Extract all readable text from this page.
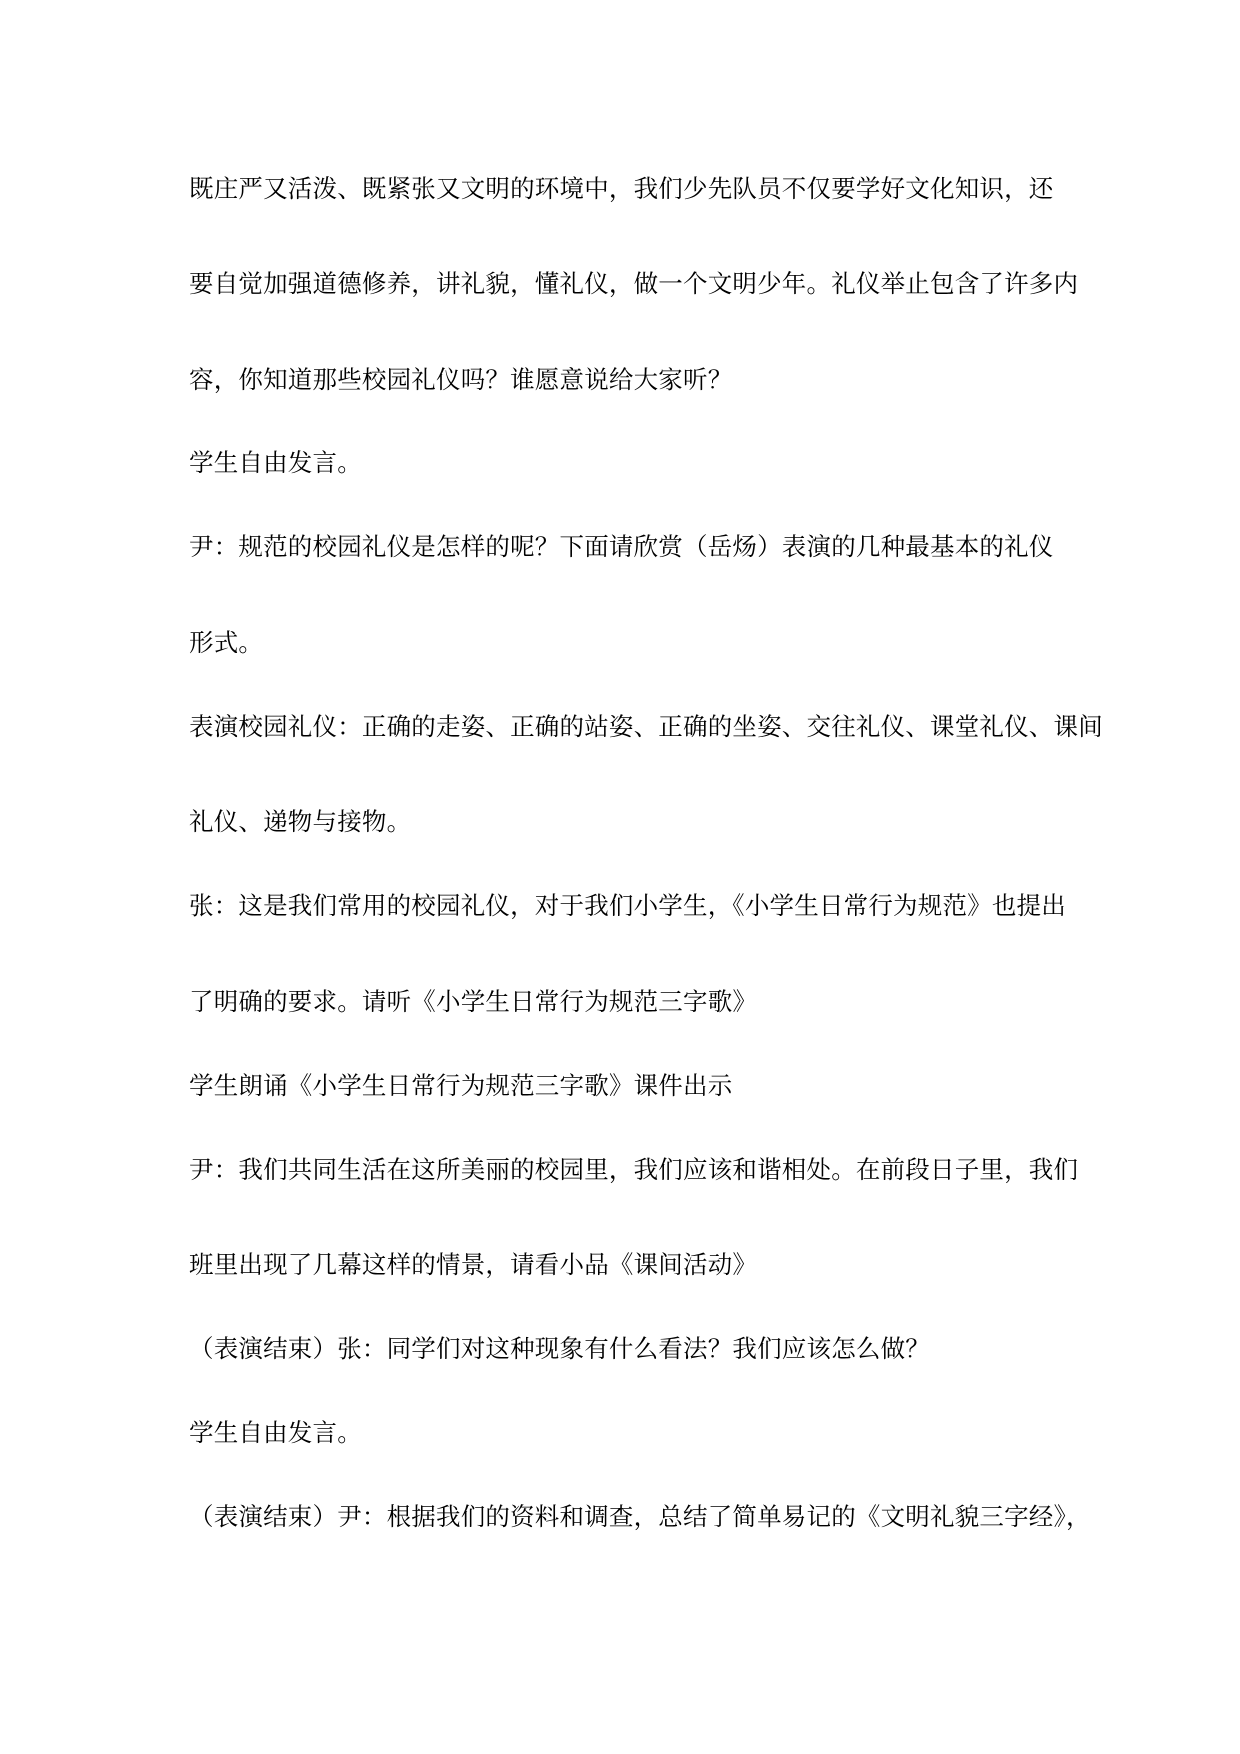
既庄严又活泼、既紧张又文明的环境中，我们少先队员不仅要学好文化知识，还
要自觉加强道德修养，讲礼貌，懂礼仪，做一个文明少年。礼仪举止包含了许多内
容，你知道那些校园礼仪吗？谁愿意说给大家听？
学生自由发言。
尹：规范的校园礼仪是怎样的呢？下面请欣赏（岳炀）表演的几种最基本的礼仪
形式。
表演校园礼仪：正确的走姿、正确的站姿、正确的坐姿、交往礼仪、课堂礼仪、课间
礼仪、递物与接物。
张：这是我们常用的校园礼仪，对于我们小学生，《小学生日常行为规范》也提出
了明确的要求。请听《小学生日常行为规范三字歌》
学生朗诵《小学生日常行为规范三字歌》课件出示
尹：我们共同生活在这所美丽的校园里，我们应该和谐相处。在前段日子里，我们
班里出现了几幕这样的情景，请看小品《课间活动》
（表演结束）张：同学们对这种现象有什么看法？我们应该怎么做？
学生自由发言。
（表演结束）尹：根据我们的资料和调查，总结了简单易记的《文明礼貌三字经》，
